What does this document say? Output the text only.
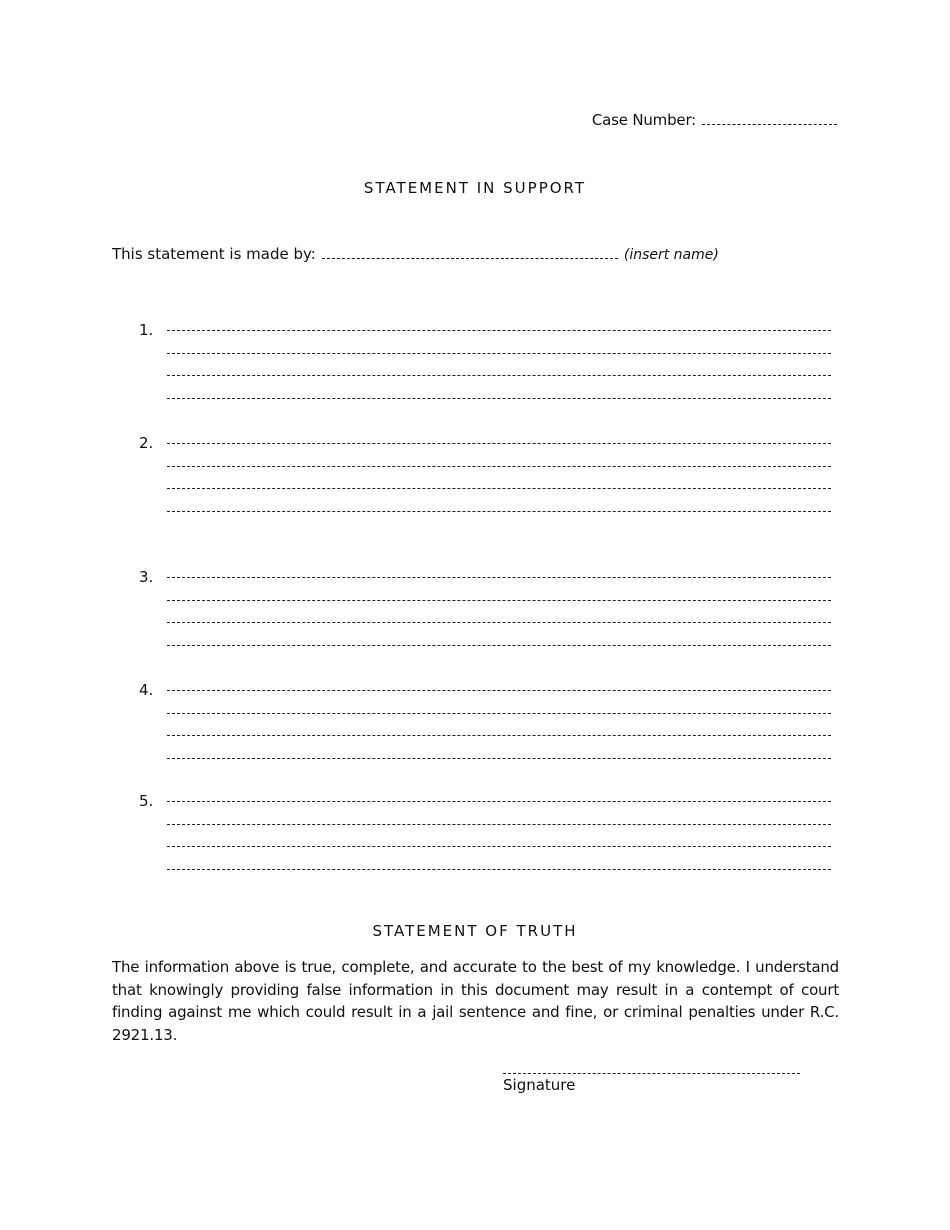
Case Number:
STATEMENT IN SUPPORT
This statement is made by:	(insert name)
1.
2.
3.
4.
5.
STATEMENT OF TRUTH
The information above is true, complete, and accurate to the best of my knowledge. I understand that knowingly providing false information in this document may result in a contempt of court finding against me which could result in a jail sentence and fine, or criminal penalties under R.C. 2921.13.
Signature
